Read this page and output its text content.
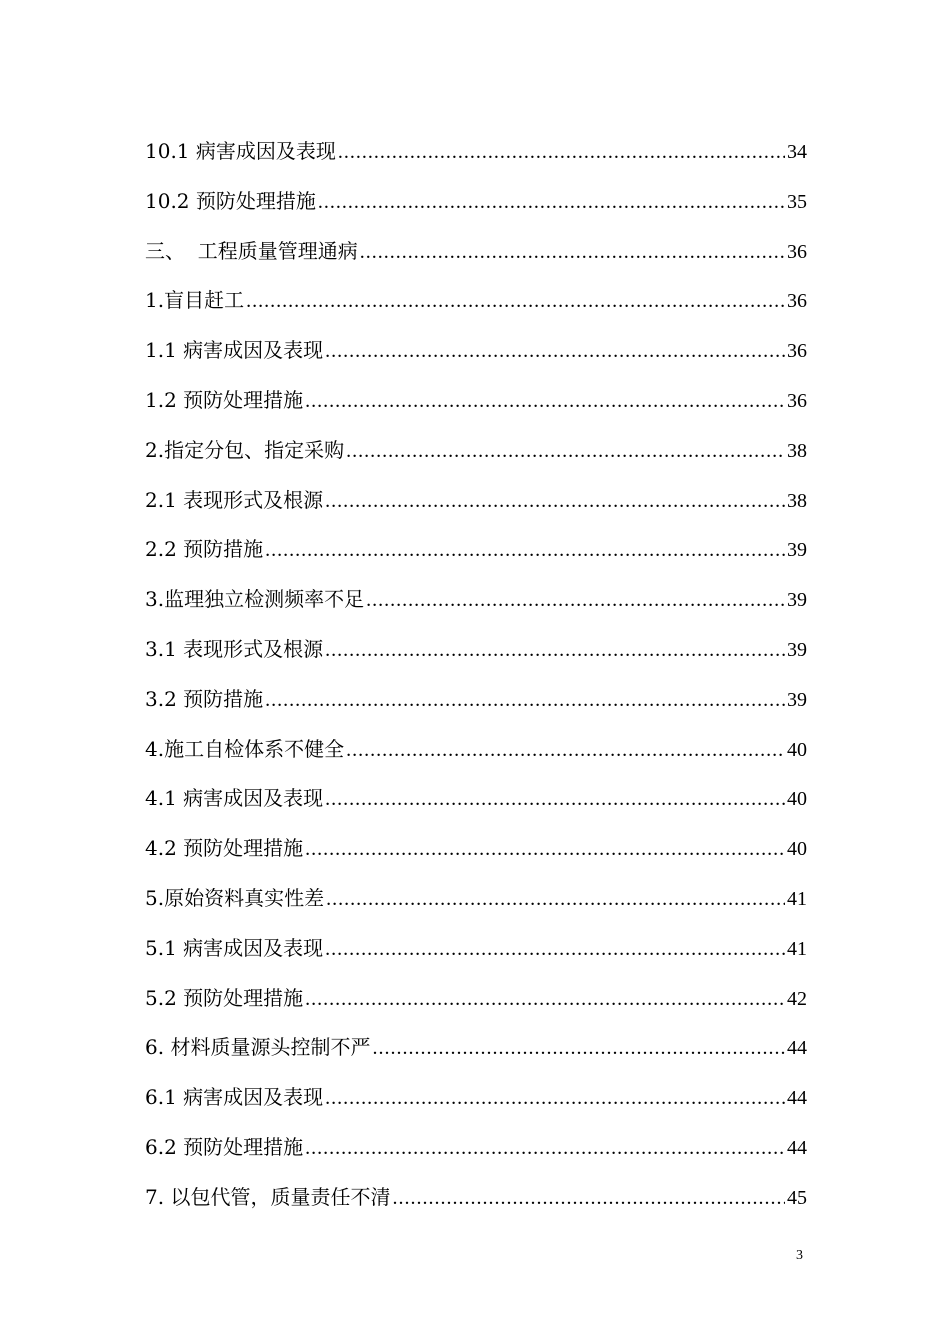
10.1 病害成因及表现 .....	34
10.2 预防处理措施 .....	35
三、  工程质量管理通病 .....	36
1.盲目赶工 .....	36
1.1 病害成因及表现 .....	36
1.2 预防处理措施 .....	36
2.指定分包、指定采购 .....	38
2.1 表现形式及根源 .....	38
2.2 预防措施 .....	39
3.监理独立检测频率不足 .....	39
3.1 表现形式及根源 .....	39
3.2 预防措施 .....	39
4.施工自检体系不健全 .....	40
4.1 病害成因及表现 .....	40
4.2 预防处理措施 .....	40
5.原始资料真实性差 .....	41
5.1 病害成因及表现 .....	41
5.2 预防处理措施 .....	42
6. 材料质量源头控制不严 .....	44
6.1 病害成因及表现 .....	44
6.2 预防处理措施 .....	44
7. 以包代管，质量责任不清 .....	45
3
